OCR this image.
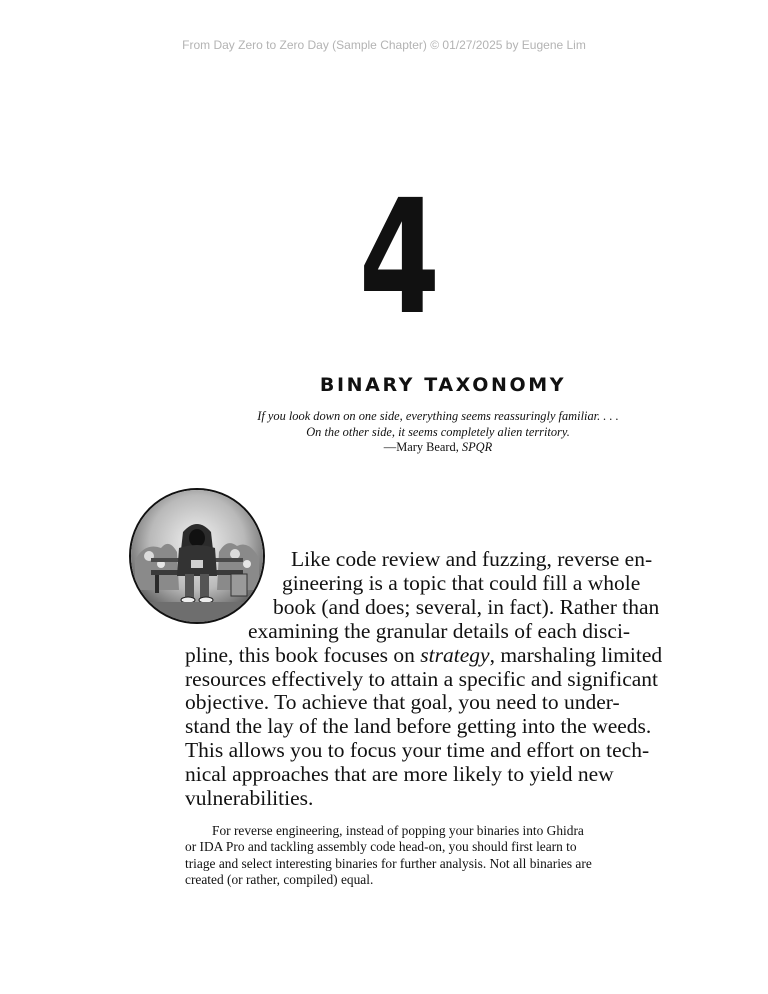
From Day Zero to Zero Day (Sample Chapter) © 01/27/2025 by Eugene Lim
4
BINARY TAXONOMY
If you look down on one side, everything seems reassuringly familiar. . . .
On the other side, it seems completely alien territory.
—Mary Beard, SPQR
Like code review and fuzzing, reverse en-
gineering is a topic that could fill a whole
book (and does; several, in fact). Rather than
examining the granular details of each disci-
pline, this book focuses on strategy, marshaling limited
resources effectively to attain a specific and significant
objective. To achieve that goal, you need to under-
stand the lay of the land before getting into the weeds.
This allows you to focus your time and effort on tech-
nical approaches that are more likely to yield new
vulnerabilities.
For reverse engineering, instead of popping your binaries into Ghidra
or IDA Pro and tackling assembly code head-on, you should first learn to
triage and select interesting binaries for further analysis. Not all binaries are
created (or rather, compiled) equal.
